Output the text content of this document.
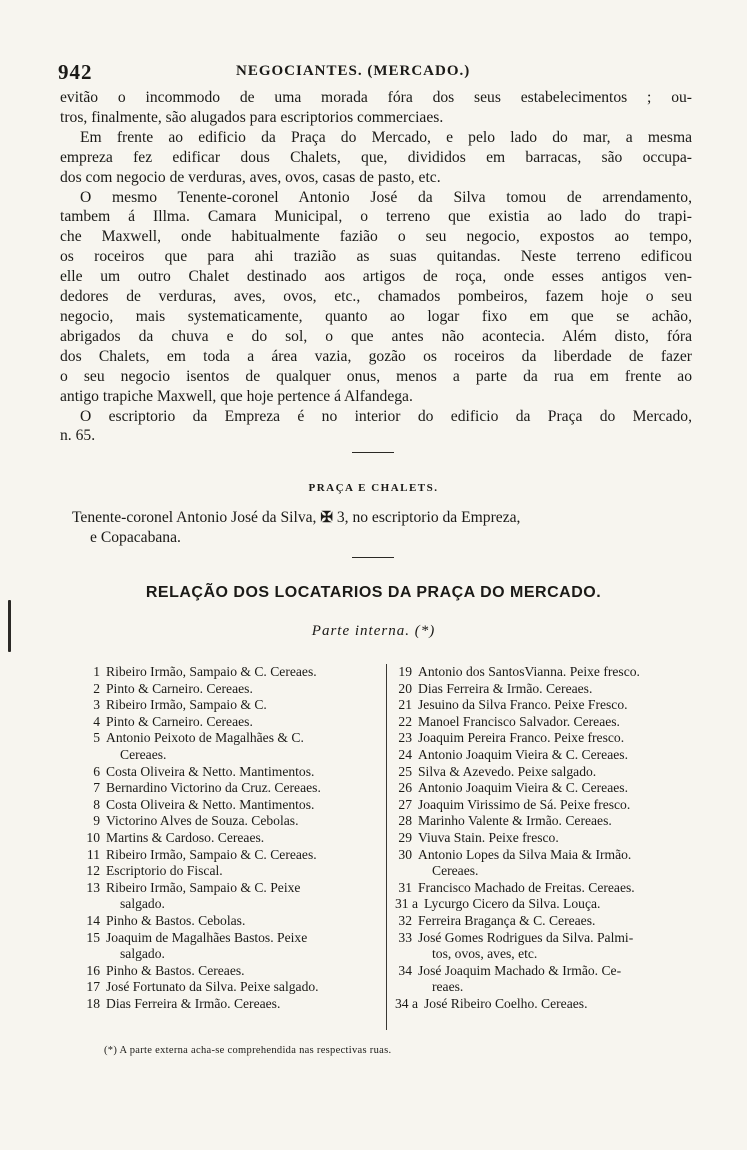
942	NEGOCIANTES. (MERCADO.)
evitão o incommodo de uma morada fóra dos seus estabelecimentos ; ou-
tros, finalmente, são alugados para escriptorios commerciaes.
Em frente ao edificio da Praça do Mercado, e pelo lado do mar, a mesma
empreza fez edificar dous Chalets, que, divididos em barracas, são occupa-
dos com negocio de verduras, aves, ovos, casas de pasto, etc.
O mesmo Tenente-coronel Antonio José da Silva tomou de arrendamento,
tambem á Illma. Camara Municipal, o terreno que existia ao lado do trapi-
che Maxwell, onde habitualmente fazião o seu negocio, expostos ao tempo,
os roceiros que para ahi trazião as suas quitandas. Neste terreno edificou
elle um outro Chalet destinado aos artigos de roça, onde esses antigos ven-
dedores de verduras, aves, ovos, etc., chamados pombeiros, fazem hoje o seu
negocio, mais systematicamente, quanto ao logar fixo em que se achão,
abrigados da chuva e do sol, o que antes não acontecia. Além disto, fóra
dos Chalets, em toda a área vazia, gozão os roceiros da liberdade de fazer
o seu negocio isentos de qualquer onus, menos a parte da rua em frente ao
antigo trapiche Maxwell, que hoje pertence á Alfandega.
O escriptorio da Empreza é no interior do edificio da Praça do Mercado,
n. 65.
PRAÇA E CHALETS.
Tenente-coronel Antonio José da Silva, ✠ 3, no escriptorio da Empreza,
e Copacabana.
RELAÇÃO DOS LOCATARIOS DA PRAÇA DO MERCADO.
Parte interna. (*)
1 Ribeiro Irmão, Sampaio & C. Cereaes.
2 Pinto & Carneiro. Cereaes.
3 Ribeiro Irmão, Sampaio & C.
4 Pinto & Carneiro. Cereaes.
5 Antonio Peixoto de Magalhães & C.
Cereaes.
6 Costa Oliveira & Netto. Mantimentos.
7 Bernardino Victorino da Cruz. Cereaes.
8 Costa Oliveira & Netto. Mantimentos.
9 Victorino Alves de Souza. Cebolas.
10 Martins & Cardoso. Cereaes.
11 Ribeiro Irmão, Sampaio & C. Cereaes.
12 Escriptorio do Fiscal.
13 Ribeiro Irmão, Sampaio & C. Peixe
salgado.
14 Pinho & Bastos. Cebolas.
15 Joaquim de Magalhães Bastos. Peixe
salgado.
16 Pinho & Bastos. Cereaes.
17 José Fortunato da Silva. Peixe salgado.
18 Dias Ferreira & Irmão. Cereaes.
19 Antonio dos SantosVianna. Peixe fresco.
20 Dias Ferreira & Irmão. Cereaes.
21 Jesuino da Silva Franco. Peixe Fresco.
22 Manoel Francisco Salvador. Cereaes.
23 Joaquim Pereira Franco. Peixe fresco.
24 Antonio Joaquim Vieira & C. Cereaes.
25 Silva & Azevedo. Peixe salgado.
26 Antonio Joaquim Vieira & C. Cereaes.
27 Joaquim Virissimo de Sá. Peixe fresco.
28 Marinho Valente & Irmão. Cereaes.
29 Viuva Stain. Peixe fresco.
30 Antonio Lopes da Silva Maia & Irmão.
Cereaes.
31 Francisco Machado de Freitas. Cereaes.
31 a Lycurgo Cicero da Silva. Louça.
32 Ferreira Bragança & C. Cereaes.
33 José Gomes Rodrigues da Silva. Palmi-
tos, ovos, aves, etc.
34 José Joaquim Machado & Irmão. Ce-
reaes.
34 a José Ribeiro Coelho. Cereaes.
(*) A parte externa acha-se comprehendida nas respectivas ruas.
